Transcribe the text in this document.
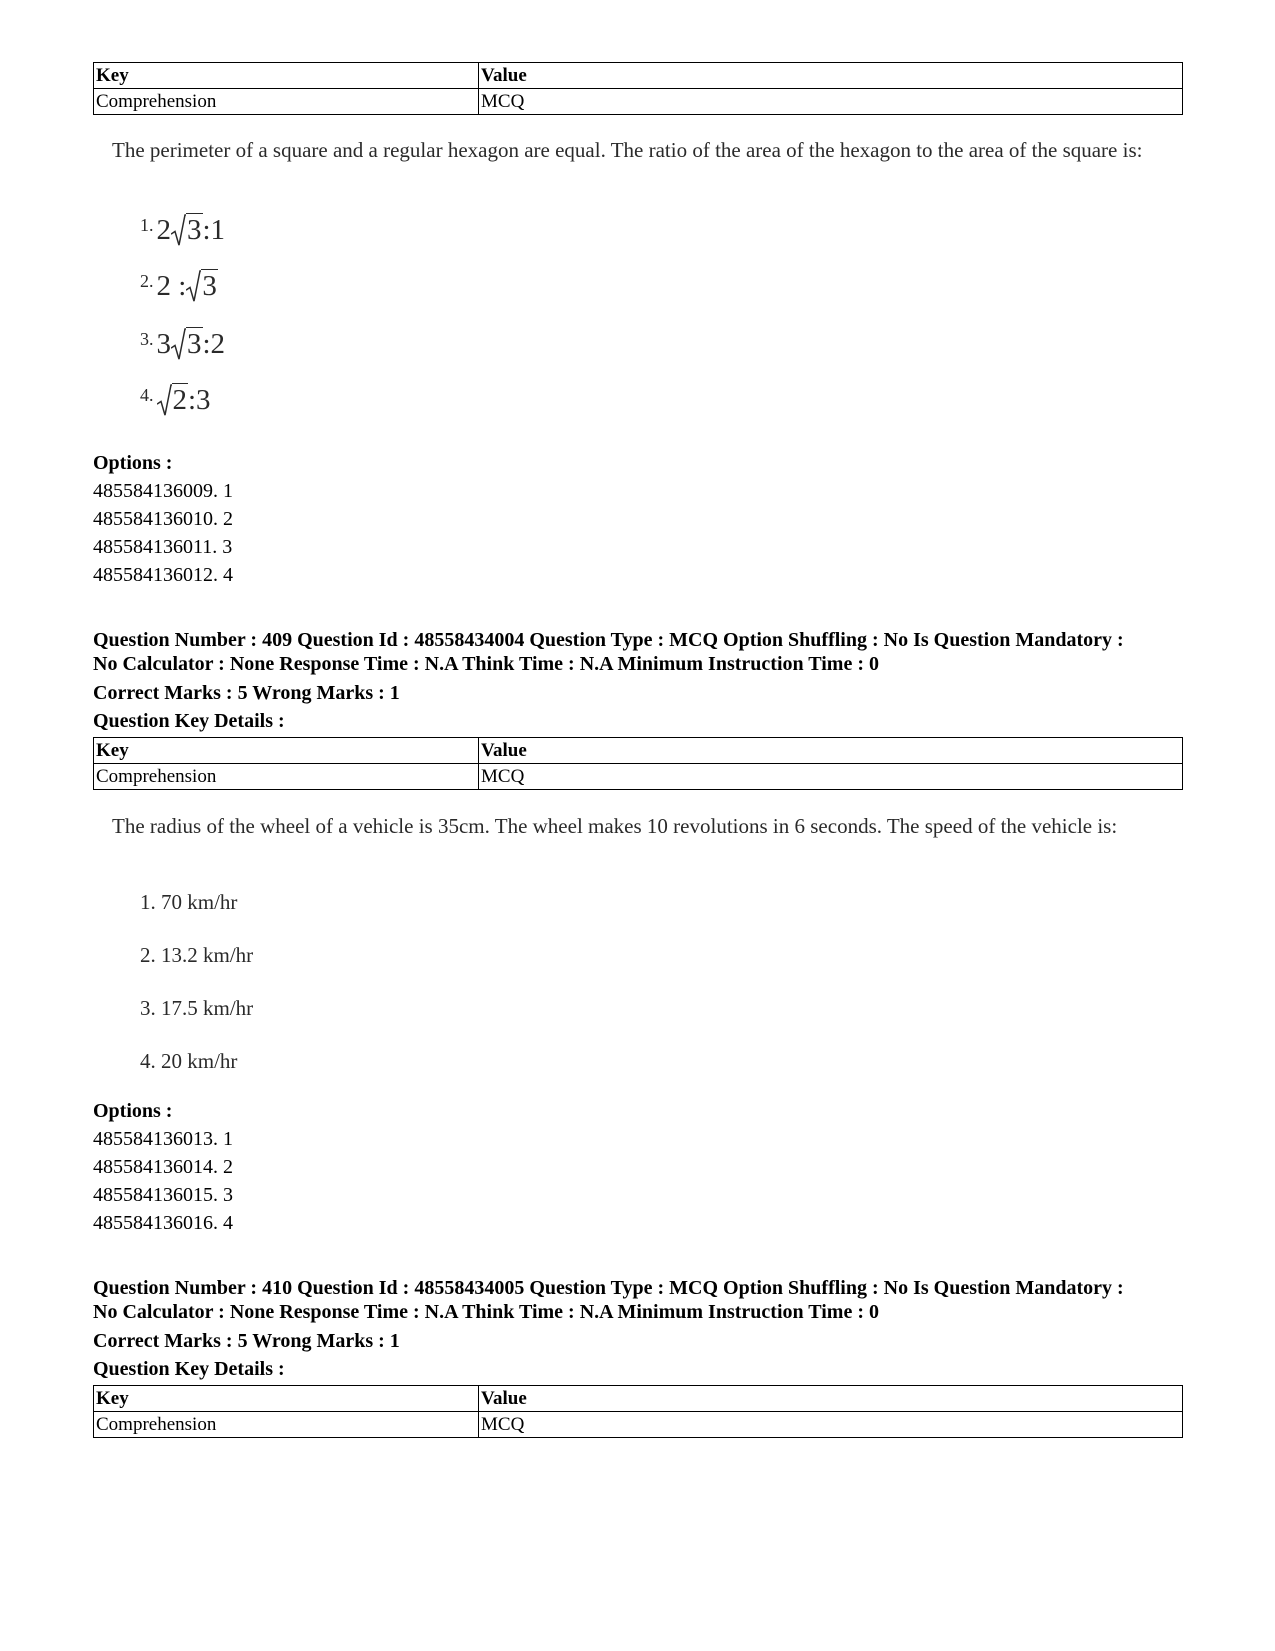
Key	Value
Comprehension	MCQ
The perimeter of a square and a regular hexagon are equal. The ratio of the area of the hexagon to the area of the square is:
1. 2 3:1
2. 2 : 3
3. 3 3:2
4. 2:3
Options :
485584136009. 1
485584136010. 2
485584136011. 3
485584136012. 4
Question Number : 409 Question Id : 48558434004 Question Type : MCQ Option Shuffling : No Is Question Mandatory :
No Calculator : None Response Time : N.A Think Time : N.A Minimum Instruction Time : 0
Correct Marks : 5 Wrong Marks : 1
Question Key Details :
Key	Value
Comprehension	MCQ
The radius of the wheel of a vehicle is 35cm. The wheel makes 10 revolutions in 6 seconds. The speed of the vehicle is:
1. 70 km/hr
2. 13.2 km/hr
3. 17.5 km/hr
4. 20 km/hr
Options :
485584136013. 1
485584136014. 2
485584136015. 3
485584136016. 4
Question Number : 410 Question Id : 48558434005 Question Type : MCQ Option Shuffling : No Is Question Mandatory :
No Calculator : None Response Time : N.A Think Time : N.A Minimum Instruction Time : 0
Correct Marks : 5 Wrong Marks : 1
Question Key Details :
Key	Value
Comprehension	MCQ
